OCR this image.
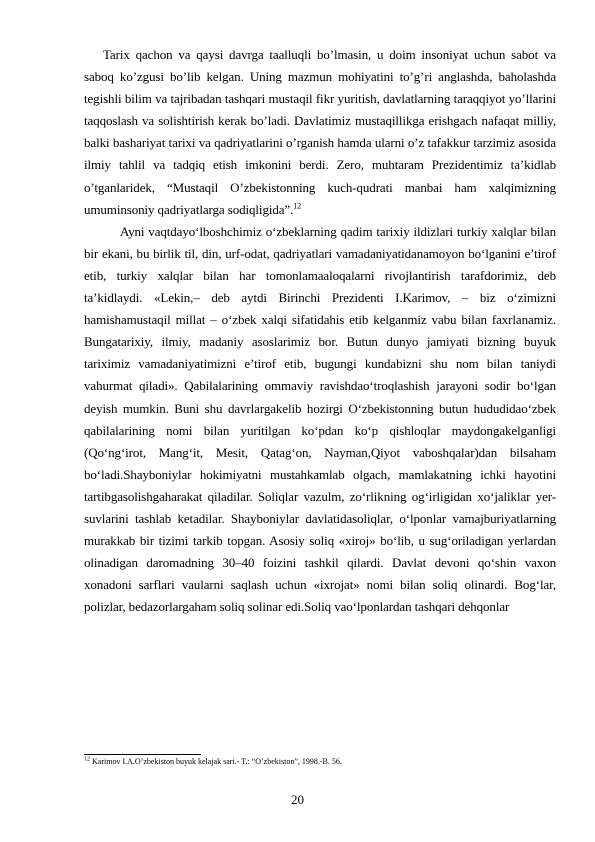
Tarix qachon va qaysi davrga taalluqli bo’lmasin, u doim insoniyat uchun sabot va saboq ko’zgusi bo’lib kelgan. Uning mazmun mohiyatini to’g’ri anglashda, baholashda tegishli bilim va tajribadan tashqari mustaqil fikr yuritish, davlatlarning taraqqiyot yo’llarini taqqoslash va solishtirish kerak bo’ladi. Davlatimiz mustaqillikga erishgach nafaqat milliy, balki bashariyat tarixi va qadriyatlarini o’rganish hamda ularni o’z tafakkur tarzimiz asosida ilmiy tahlil va tadqiq etish imkonini berdi. Zero, muhtaram Prezidentimiz ta’kidlab o’tganlaridek, “Mustaqil O’zbekistonning kuch-qudrati manbai ham xalqimizning umuminsoniy qadriyatlarga sodiqligida”.$^{12}$

Ayni vaqtdayo‘lboshchimiz o‘zbeklarning qadim tarixiy ildizlari turkiy xalqlar bilan bir ekani, bu birlik til, din, urf-odat, qadriyatlari vamadaniyatidanamoyon bo‘lganini e’tirof etib, turkiy xalqlar bilan har tomonlamaaloqalarni rivojlantirish tarafdorimiz, deb ta’kidlaydi. «Lekin,– deb aytdi Birinchi Prezidenti I.Karimov, – biz o‘zimizni hamishamustaqil millat – o‘zbek xalqi sifatidahis etib kelganmiz vabu bilan faxrlanamiz. Bungatarixiy, ilmiy, madaniy asoslarimiz bor. Butun dunyo jamiyati bizning buyuk tariximiz vamadaniyatimizni e’tirof etib, bugungi kundabizni shu nom bilan taniydi vahurmat qiladi». Qabilalarining ommaviy ravishdao‘troqlashish jarayoni sodir bo‘lgan deyish mumkin. Buni shu davrlargakelib hozirgi O‘zbekistonning butun hududidao‘zbek qabilalarining nomi bilan yuritilgan ko‘pdan ko‘p qishloqlar maydongakelganligi (Qo‘ng‘irot, Mang‘it, Mesit, Qatag‘on, Nayman,Qiyot vaboshqalar)dan bilsaham bo‘ladi.Shayboniylar hokimiyatni mustahkamlab olgach, mamlakatning ichki hayotini tartibgasolishgaharakat qiladilar. Soliqlar vazulm, zo‘rlikning og‘irligidan xo‘jaliklar yer-suvlarini tashlab ketadilar. Shayboniylar davlatidasoliqlar, o‘lponlar vamajburiyatlarning murakkab bir tizimi tarkib topgan. Asosiy soliq «xiroj» bo‘lib, u sug‘oriladigan yerlardan olinadigan daromadning 30–40 foizini tashkil qilardi. Davlat devoni qo‘shin vaxon xonadoni sarflari vaularni saqlash uchun «ixrojat» nomi bilan soliq olinardi. Bog‘lar, polizlar, bedazorlargaham soliq solinar edi.Soliq vao‘lponlardan tashqari dehqonlar

$^{12}$ Karimov I.A.O’zbekiston buyuk kelajak sari.- T.: “O’zbekiston”, 1998.-B. 56.
20
